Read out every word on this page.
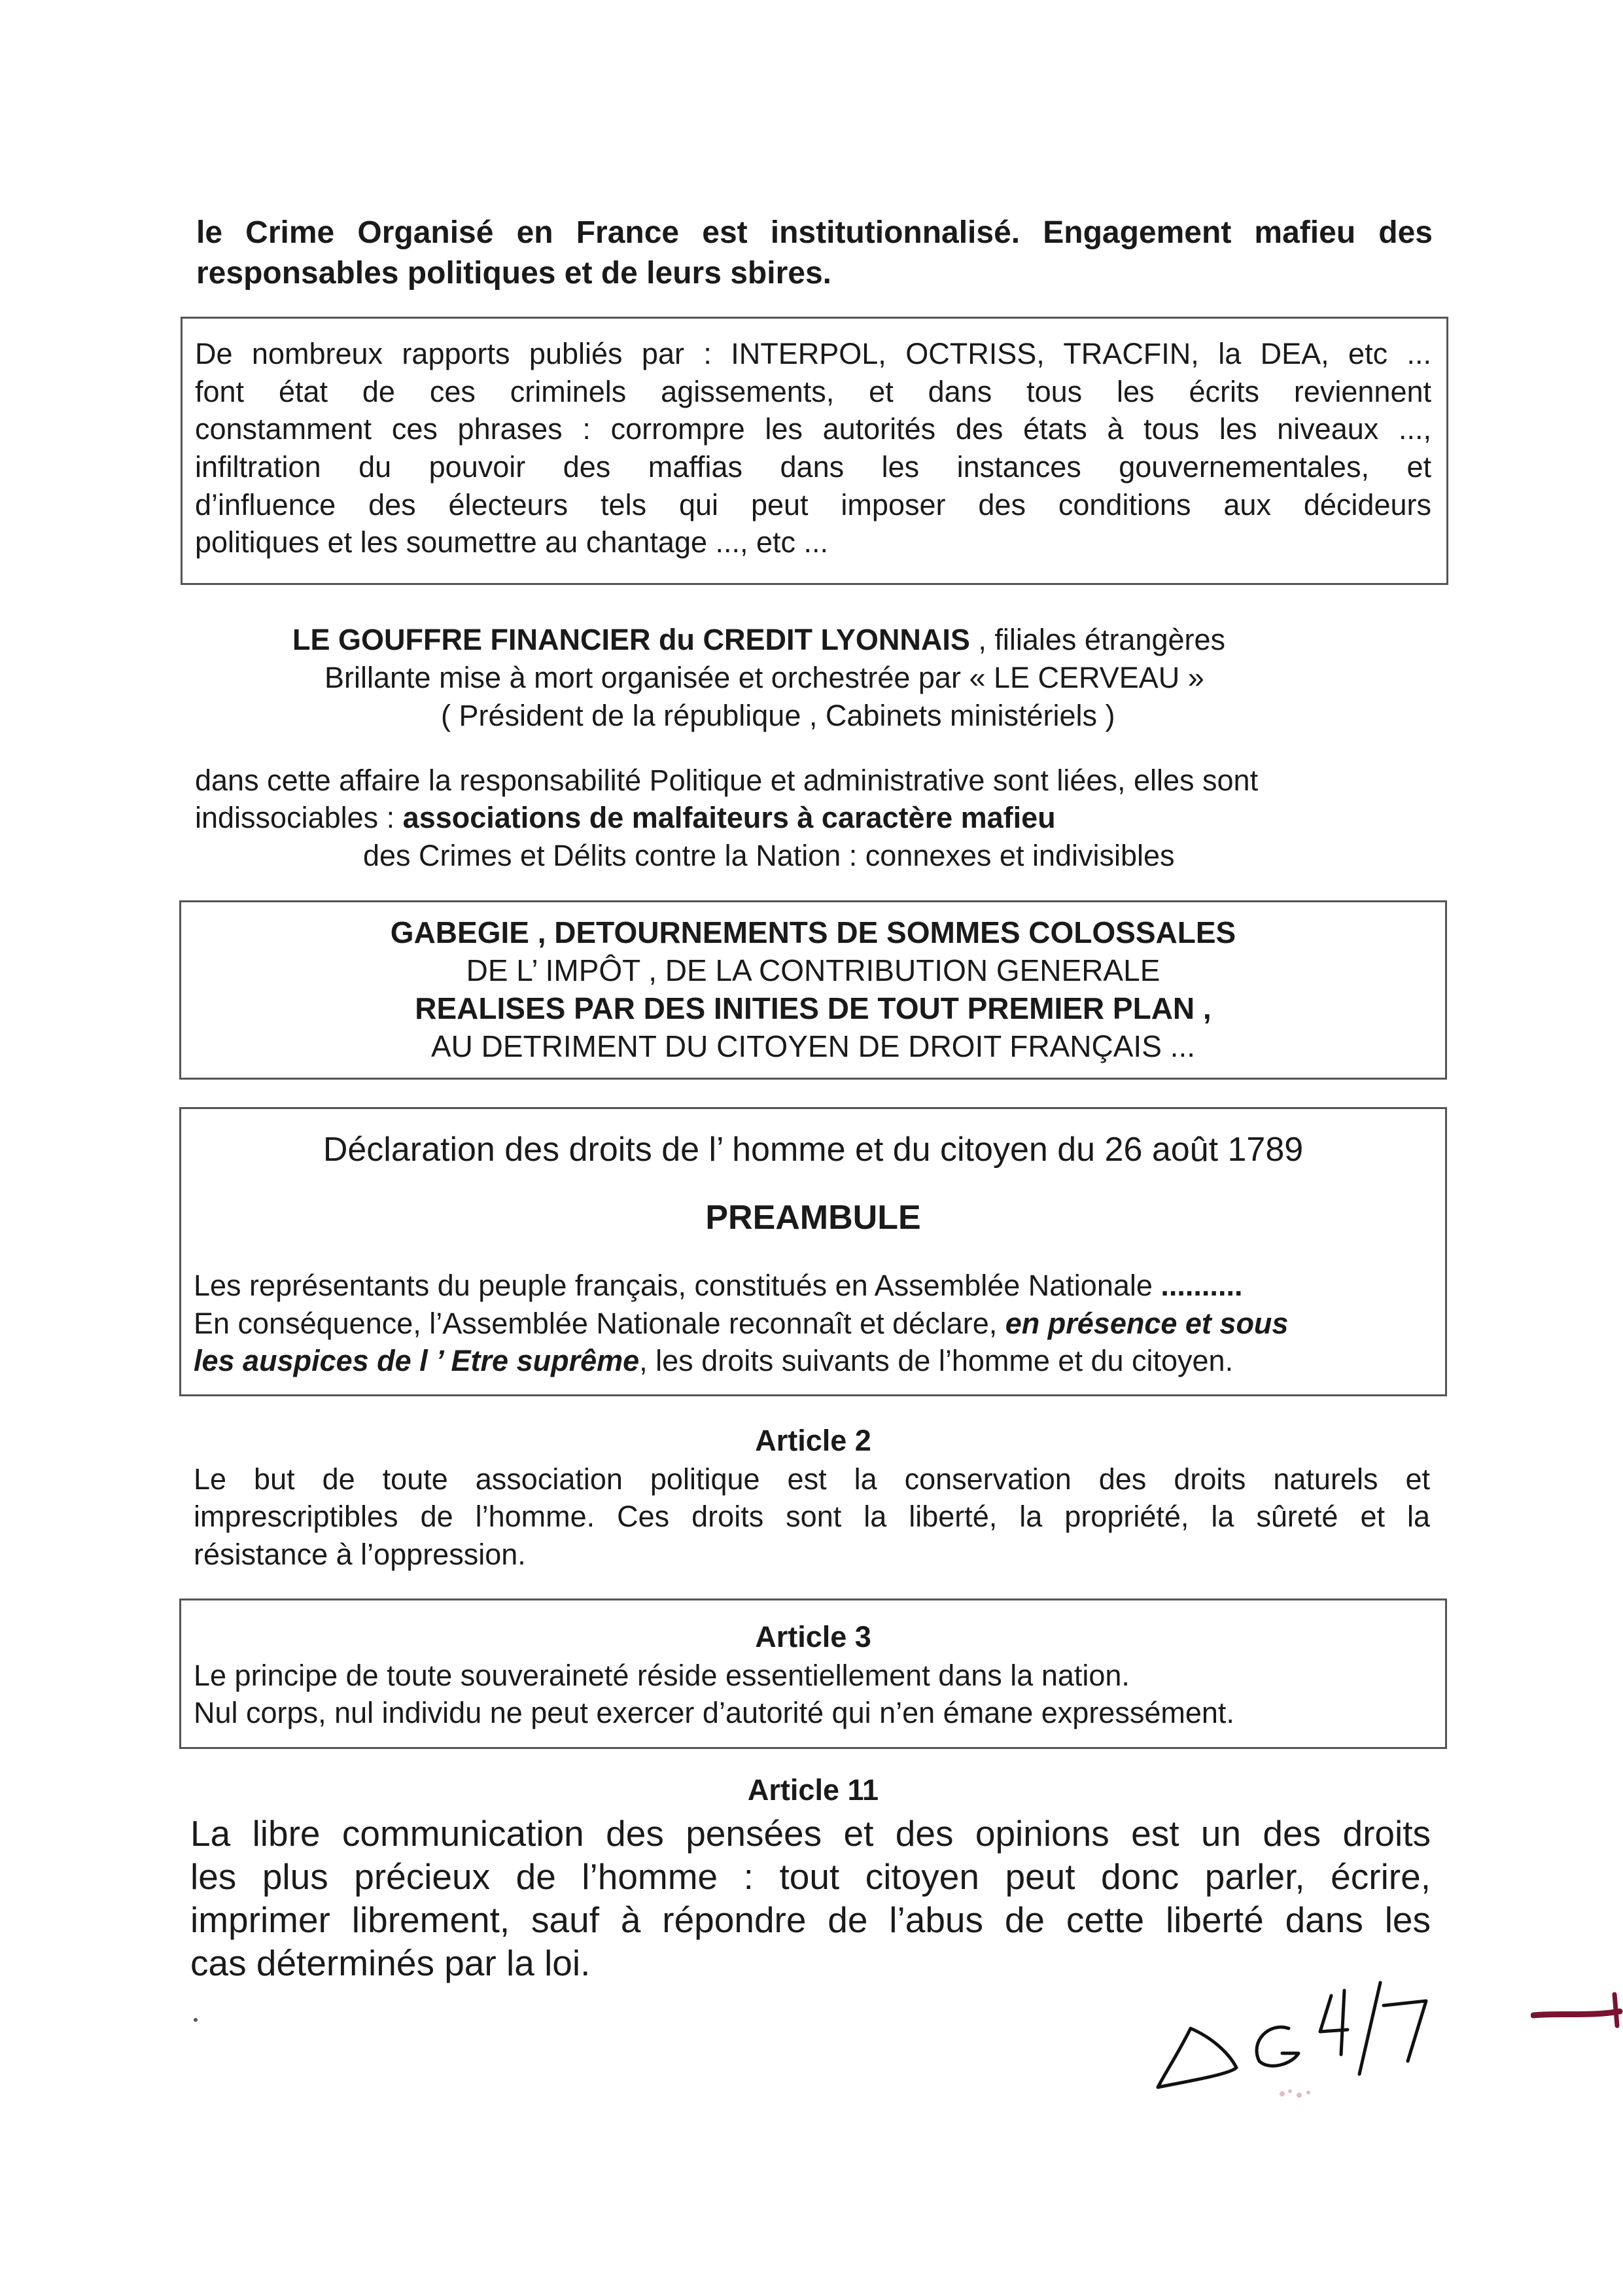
le Crime Organisé en France est institutionnalisé. Engagement mafieu des
responsables politiques et de leurs sbires.
De nombreux rapports publiés par : INTERPOL, OCTRISS, TRACFIN, la DEA, etc ...
font état de ces criminels agissements, et dans tous les écrits reviennent
constamment ces phrases : corrompre les autorités des états à tous les niveaux ...,
infiltration du pouvoir des maffias dans les instances gouvernementales, et
d’influence des électeurs tels qui peut imposer des conditions aux décideurs
politiques et les soumettre au chantage ..., etc ...
LE GOUFFRE FINANCIER du CREDIT LYONNAIS , filiales étrangères
Brillante mise à mort organisée et orchestrée par « LE CERVEAU »
( Président de la république , Cabinets ministériels )
dans cette affaire la responsabilité Politique et administrative sont liées, elles sont
indissociables : associations de malfaiteurs à caractère mafieu
des Crimes et Délits contre la Nation : connexes et indivisibles
GABEGIE , DETOURNEMENTS DE SOMMES COLOSSALES
DE L’ IMPÔT , DE LA CONTRIBUTION GENERALE
REALISES PAR DES INITIES DE TOUT PREMIER PLAN ,
AU DETRIMENT DU CITOYEN DE DROIT FRANÇAIS ...
Déclaration des droits de l’ homme et du citoyen du 26 août 1789
PREAMBULE
Les représentants du peuple français, constitués en Assemblée Nationale ..........
En conséquence, l’Assemblée Nationale reconnaît et déclare, en présence et sous
les auspices de l ’ Etre suprême, les droits suivants de l’homme et du citoyen.
Article 2
Le but de toute association politique est la conservation des droits naturels et
imprescriptibles de l’homme. Ces droits sont la liberté, la propriété, la sûreté et la
résistance à l’oppression.
Article 3
Le principe de toute souveraineté réside essentiellement dans la nation.
Nul corps, nul individu ne peut exercer d’autorité qui n’en émane expressément.
Article 11
La libre communication des pensées et des opinions est un des droits
les plus précieux de l’homme : tout citoyen peut donc parler, écrire,
imprimer librement, sauf à répondre de l’abus de cette liberté dans les
cas déterminés par la loi.
